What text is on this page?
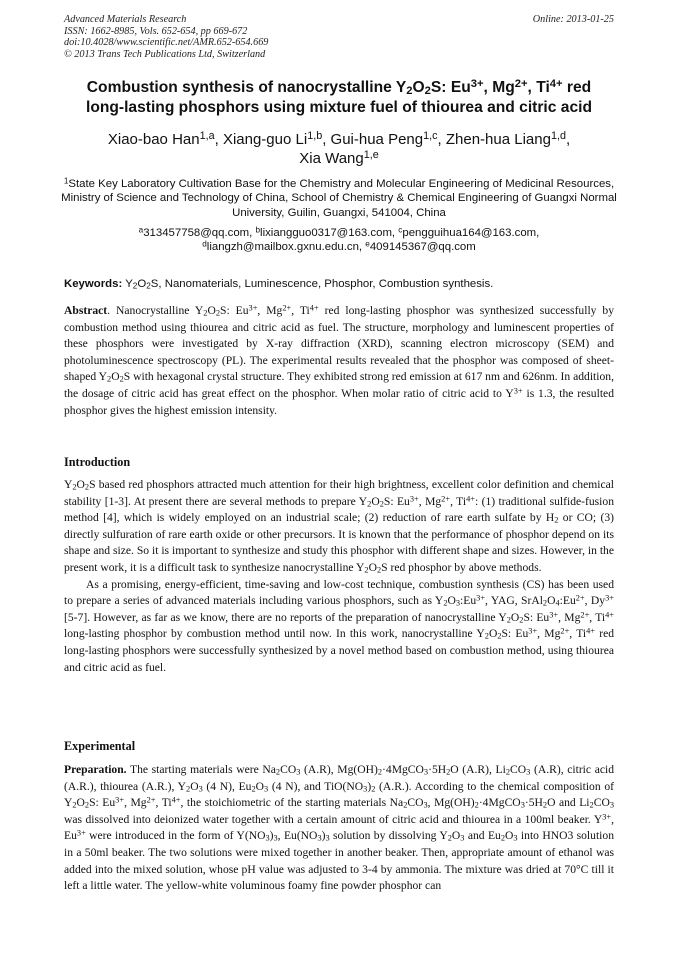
Advanced Materials Research
ISSN: 1662-8985, Vols. 652-654, pp 669-672
doi:10.4028/www.scientific.net/AMR.652-654.669
© 2013 Trans Tech Publications Ltd, Switzerland
Online: 2013-01-25
Combustion synthesis of nanocrystalline $Y_2O_2S$: $Eu^{3+}$, $Mg^{2+}$, $Ti^{4+}$ red
long-lasting phosphors using mixture fuel of thiourea and citric acid
Xiao-bao Han$^{1,a}$, Xiang-guo Li$^{1,b}$, Gui-hua Peng$^{1,c}$, Zhen-hua Liang$^{1,d}$,
Xia Wang$^{1,e}$
$^1$State Key Laboratory Cultivation Base for the Chemistry and Molecular Engineering of Medicinal Resources, Ministry of Science and Technology of China, School of Chemistry & Chemical Engineering of Guangxi Normal University, Guilin, Guangxi, 541004, China
$^a$313457758@qq.com, $^b$lixiangguo0317@163.com, $^c$pengguihua164@163.com,
$^d$liangzh@mailbox.gxnu.edu.cn, $^e$409145367@qq.com
Keywords: $Y_2O_2S$, Nanomaterials, Luminescence, Phosphor, Combustion synthesis.

Abstract. Nanocrystalline $Y_2O_2S$: $Eu^{3+}$, $Mg^{2+}$, $Ti^{4+}$ red long-lasting phosphor was synthesized successfully by combustion method using thiourea and citric acid as fuel. The structure, morphology and luminescent properties of these phosphors were investigated by X-ray diffraction (XRD), scanning electron microscopy (SEM) and photoluminescence spectroscopy (PL). The experimental results revealed that the phosphor was composed of sheet-shaped $Y_2O_2S$ with hexagonal crystal structure. They exhibited strong red emission at 617 nm and 626nm. In addition, the dosage of citric acid has great effect on the phosphor. When molar ratio of citric acid to $Y^{3+}$ is 1.3, the resulted phosphor gives the highest emission intensity.

Introduction

$Y_2O_2S$ based red phosphors attracted much attention for their high brightness, excellent color definition and chemical stability [1-3]. At present there are several methods to prepare $Y_2O_2S$: $Eu^{3+}$, $Mg^{2+}$, $Ti^{4+}$: (1) traditional sulfide-fusion method [4], which is widely employed on an industrial scale; (2) reduction of rare earth sulfate by $H_2$ or CO; (3) directly sulfuration of rare earth oxide or other precursors. It is known that the performance of phosphor depend on its shape and size. So it is important to synthesize and study this phosphor with different shape and sizes. However, in the present work, it is a difficult task to synthesize nanocrystalline $Y_2O_2S$ red phosphor by above methods.

As a promising, energy-efficient, time-saving and low-cost technique, combustion synthesis (CS) has been used to prepare a series of advanced materials including various phosphors, such as $Y_2O_3:Eu^{3+}$, YAG, $SrAl_2O_4:Eu^{2+}$, $Dy^{3+}$ [5-7]. However, as far as we know, there are no reports of the preparation of nanocrystalline $Y_2O_2S$: $Eu^{3+}$, $Mg^{2+}$, $Ti^{4+}$ long-lasting phosphor by combustion method until now. In this work, nanocrystalline $Y_2O_2S$: $Eu^{3+}$, $Mg^{2+}$, $Ti^{4+}$ red long-lasting phosphors were successfully synthesized by a novel method based on combustion method, using thiourea and citric acid as fuel.

Experimental

Preparation. The starting materials were $Na_2CO_3$ (A.R), $Mg(OH)_2\cdot 4MgCO_3\cdot 5H_2O$ (A.R), $Li_2CO_3$ (A.R), citric acid (A.R.), thiourea (A.R.), $Y_2O_3$ (4 N), $Eu_2O_3$ (4 N), and $TiO(NO_3)_2$ (A.R.). According to the chemical composition of $Y_2O_2S$: $Eu^{3+}$, $Mg^{2+}$, $Ti^{4+}$, the stoichiometric of the starting materials $Na_2CO_3$, $Mg(OH)_2\cdot 4MgCO_3\cdot 5H_2O$ and $Li_2CO_3$ was dissolved into deionized water together with a certain amount of citric acid and thiourea in a 100ml beaker. $Y^{3+}$, $Eu^{3+}$ were introduced in the form of $Y(NO_3)_3$, $Eu(NO_3)_3$ solution by dissolving $Y_2O_3$ and $Eu_2O_3$ into HNO3 solution in a 50ml beaker. The two solutions were mixed together in another beaker. Then, appropriate amount of ethanol was added into the mixed solution, whose pH value was adjusted to 3-4 by ammonia. The mixture was dried at 70°C till it left a little water. The yellow-white voluminous foamy fine powder phosphor can
